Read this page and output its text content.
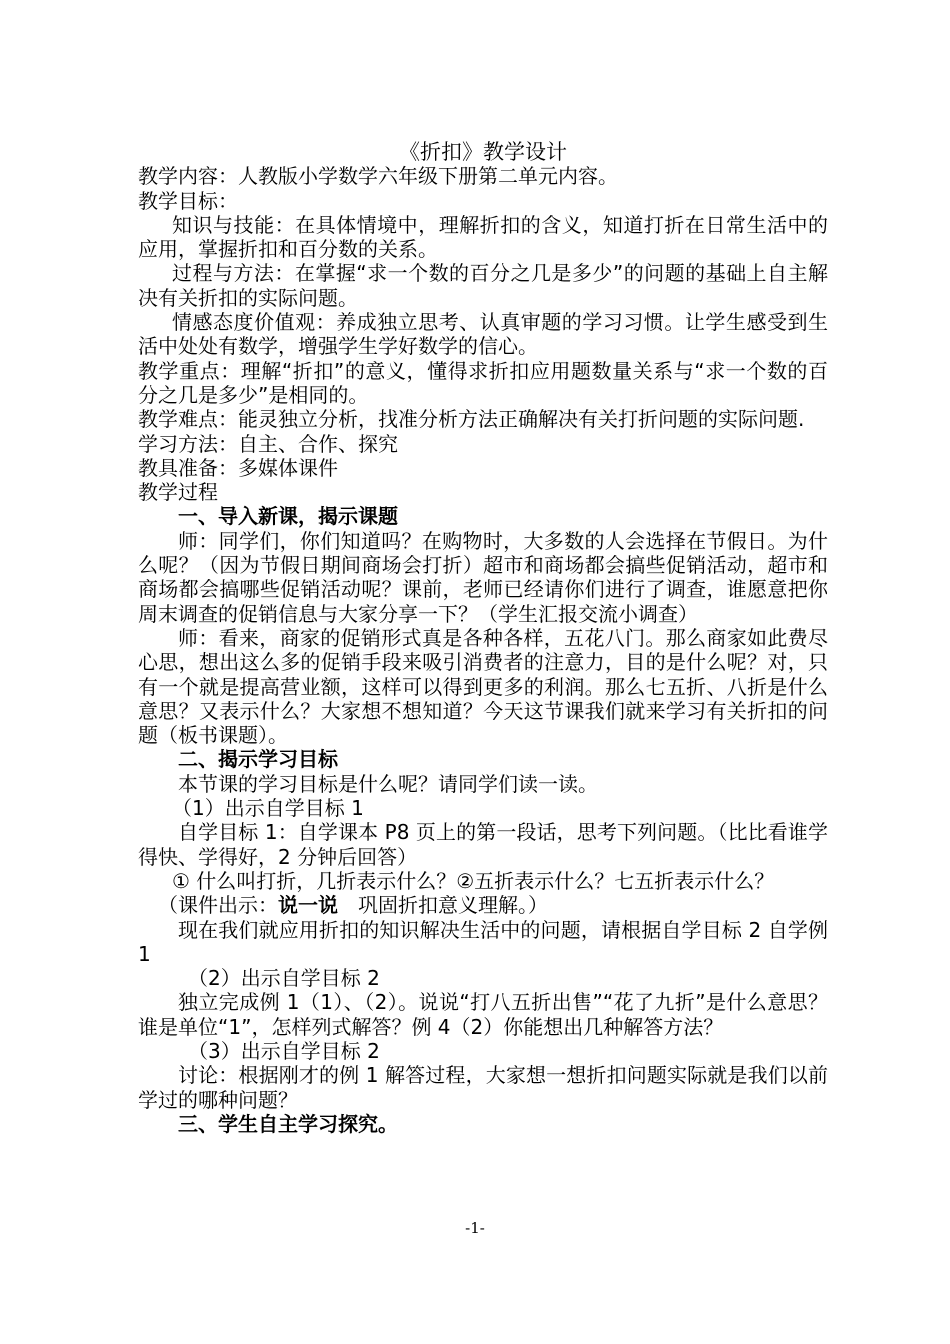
《折扣》教学设计

教学内容：人教版小学数学六年级下册第二单元内容。

教学目标：

知识与技能：在具体情境中，理解折扣的含义，知道打折在日常生活中的应用，掌握折扣和百分数的关系。

过程与方法：在掌握“求一个数的百分之几是多少”的问题的基础上自主解决有关折扣的实际问题。

情感态度价值观：养成独立思考、认真审题的学习习惯。让学生感受到生活中处处有数学，增强学生学好数学的信心。

教学重点：理解“折扣”的意义，懂得求折扣应用题数量关系与“求一个数的百分之几是多少”是相同的。

教学难点：能灵独立分析，找准分析方法正确解决有关打折问题的实际问题.

学习方法：自主、合作、探究

教具准备：多媒体课件

教学过程

一、导入新课，揭示课题

师：同学们，你们知道吗？在购物时，大多数的人会选择在节假日。为什么呢？（因为节假日期间商场会打折）超市和商场都会搞些促销活动，超市和商场都会搞哪些促销活动呢？课前，老师已经请你们进行了调查，谁愿意把你周末调查的促销信息与大家分享一下？（学生汇报交流小调查）

师：看来，商家的促销形式真是各种各样，五花八门。那么商家如此费尽心思，想出这么多的促销手段来吸引消费者的注意力，目的是什么呢？对，只有一个就是提高营业额，这样可以得到更多的利润。那么七五折、八折是什么意思？又表示什么？大家想不想知道？今天这节课我们就来学习有关折扣的问题（板书课题）。

二、揭示学习目标

本节课的学习目标是什么呢？请同学们读一读。

（1）出示自学目标 1

自学目标 1：自学课本 P8 页上的第一段话，思考下列问题。（比比看谁学得快、学得好，2 分钟后回答）

① 什么叫打折，几折表示什么？②五折表示什么？七五折表示什么？

（课件出示：说一说　巩固折扣意义理解。）

现在我们就应用折扣的知识解决生活中的问题，请根据自学目标 2 自学例 1

（2）出示自学目标 2

独立完成例 1（1）、（2）。说说“打八五折出售”“花了九折”是什么意思？谁是单位“1”，怎样列式解答？例 4（2）你能想出几种解答方法？

（3）出示自学目标 2

讨论：根据刚才的例 1 解答过程，大家想一想折扣问题实际就是我们以前学过的哪种问题？

三、学生自主学习探究。

-1-
